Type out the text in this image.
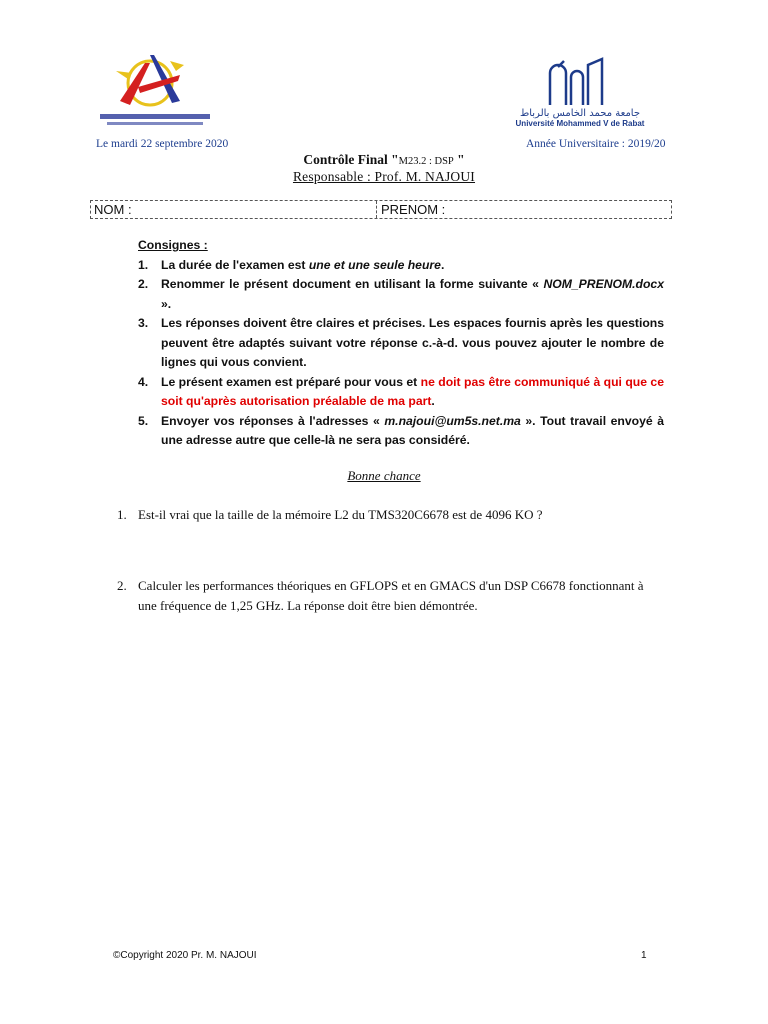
جامعة محمد الخامس بالرباط
Université Mohammed V de Rabat
Le mardi 22 septembre 2020	Année Universitaire : 2019/20
Contrôle Final "M23.2 : DSP "
Responsable : Prof. M. NAJOUI
NOM :	PRENOM :
Consignes :
1. La durée de l'examen est une et une seule heure.
2. Renommer le présent document en utilisant la forme suivante « NOM_PRENOM.docx ».
3. Les réponses doivent être claires et précises. Les espaces fournis après les questions peuvent être adaptés suivant votre réponse c.-à-d. vous pouvez ajouter le nombre de lignes qui vous convient.
4. Le présent examen est préparé pour vous et ne doit pas être communiqué à qui que ce soit qu'après autorisation préalable de ma part.
5. Envoyer vos réponses à l'adresses « m.najoui@um5s.net.ma ». Tout travail envoyé à une adresse autre que celle-là ne sera pas considéré.
Bonne chance
1. Est-il vrai que la taille de la mémoire L2 du TMS320C6678 est de 4096 KO ?
2. Calculer les performances théoriques en GFLOPS et en GMACS d'un DSP C6678 fonctionnant à une fréquence de 1,25 GHz. La réponse doit être bien démontrée.
©Copyright 2020 Pr. M. NAJOUI	1
